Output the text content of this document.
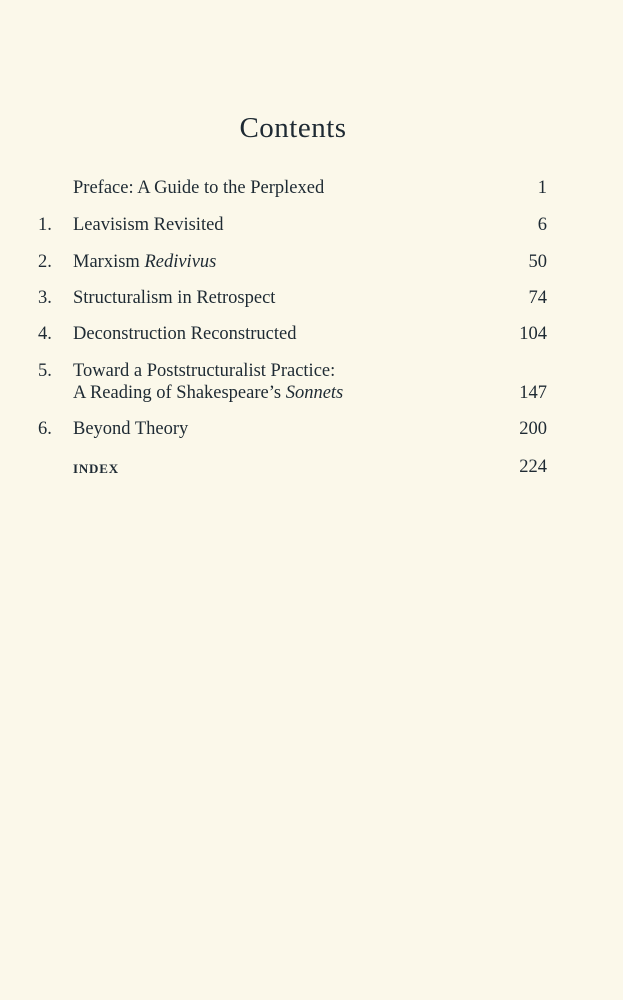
Contents
Preface: A Guide to the Perplexed	1
1.	Leavisism Revisited	6
2.	Marxism Redivivus	50
3.	Structuralism in Retrospect	74
4.	Deconstruction Reconstructed	104
5.	Toward a Poststructuralist Practice:
A Reading of Shakespeare’s Sonnets	147
6.	Beyond Theory	200
INDEX	224
